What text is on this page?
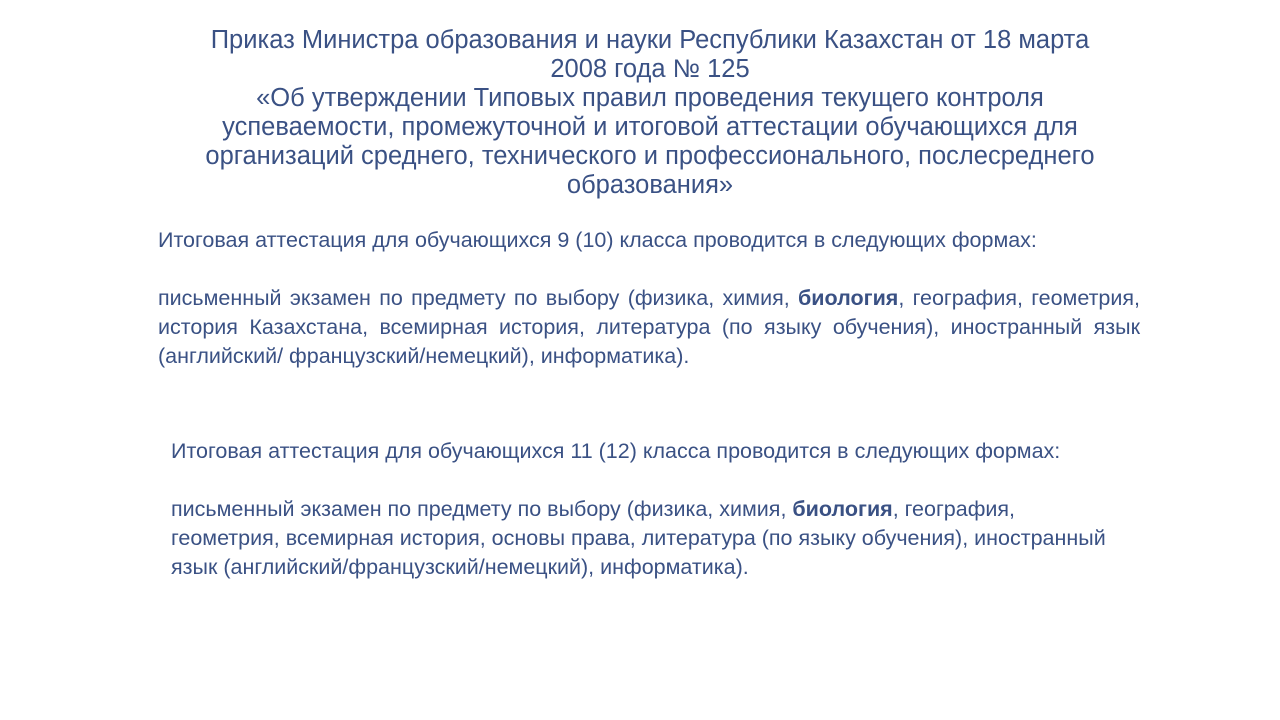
Приказ Министра образования и науки Республики Казахстан от 18 марта
2008 года № 125
«Об утверждении Типовых правил проведения текущего контроля
успеваемости, промежуточной и итоговой аттестации обучающихся для
организаций среднего, технического и профессионального, послесреднего
образования»

Итоговая аттестация для обучающихся 9 (10) класса проводится в следующих формах:

письменный экзамен по предмету по выбору (физика, химия, биология, география, геометрия, история Казахстана, всемирная история, литература (по языку обучения), иностранный язык (английский/ французский/немецкий), информатика).

Итоговая аттестация для обучающихся 11 (12) класса проводится в следующих формах:

письменный экзамен по предмету по выбору (физика, химия, биология, география, геометрия, всемирная история, основы права, литература (по языку обучения), иностранный язык (английский/французский/немецкий), информатика).
